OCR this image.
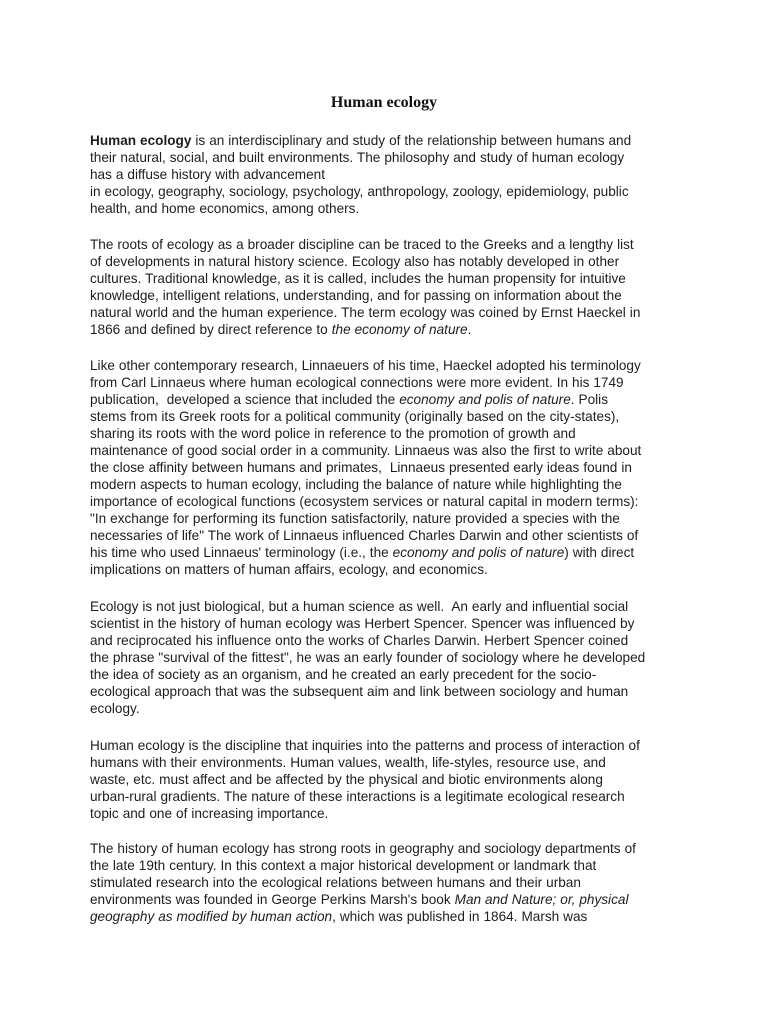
Human ecology
Human ecology is an interdisciplinary and study of the relationship between humans and
their natural, social, and built environments. The philosophy and study of human ecology
has a diffuse history with advancement
in ecology, geography, sociology, psychology, anthropology, zoology, epidemiology, public
health, and home economics, among others.
The roots of ecology as a broader discipline can be traced to the Greeks and a lengthy list
of developments in natural history science. Ecology also has notably developed in other
cultures. Traditional knowledge, as it is called, includes the human propensity for intuitive
knowledge, intelligent relations, understanding, and for passing on information about the
natural world and the human experience. The term ecology was coined by Ernst Haeckel in
1866 and defined by direct reference to the economy of nature.
Like other contemporary research, Linnaeuers of his time, Haeckel adopted his terminology
from Carl Linnaeus where human ecological connections were more evident. In his 1749
publication,  developed a science that included the economy and polis of nature. Polis
stems from its Greek roots for a political community (originally based on the city-states),
sharing its roots with the word police in reference to the promotion of growth and
maintenance of good social order in a community. Linnaeus was also the first to write about
the close affinity between humans and primates,  Linnaeus presented early ideas found in
modern aspects to human ecology, including the balance of nature while highlighting the
importance of ecological functions (ecosystem services or natural capital in modern terms):
"In exchange for performing its function satisfactorily, nature provided a species with the
necessaries of life" The work of Linnaeus influenced Charles Darwin and other scientists of
his time who used Linnaeus' terminology (i.e., the economy and polis of nature) with direct
implications on matters of human affairs, ecology, and economics.
Ecology is not just biological, but a human science as well.  An early and influential social
scientist in the history of human ecology was Herbert Spencer. Spencer was influenced by
and reciprocated his influence onto the works of Charles Darwin. Herbert Spencer coined
the phrase "survival of the fittest", he was an early founder of sociology where he developed
the idea of society as an organism, and he created an early precedent for the socio-
ecological approach that was the subsequent aim and link between sociology and human
ecology.
Human ecology is the discipline that inquiries into the patterns and process of interaction of
humans with their environments. Human values, wealth, life-styles, resource use, and
waste, etc. must affect and be affected by the physical and biotic environments along
urban-rural gradients. The nature of these interactions is a legitimate ecological research
topic and one of increasing importance.
The history of human ecology has strong roots in geography and sociology departments of
the late 19th century. In this context a major historical development or landmark that
stimulated research into the ecological relations between humans and their urban
environments was founded in George Perkins Marsh's book Man and Nature; or, physical
geography as modified by human action, which was published in 1864. Marsh was
